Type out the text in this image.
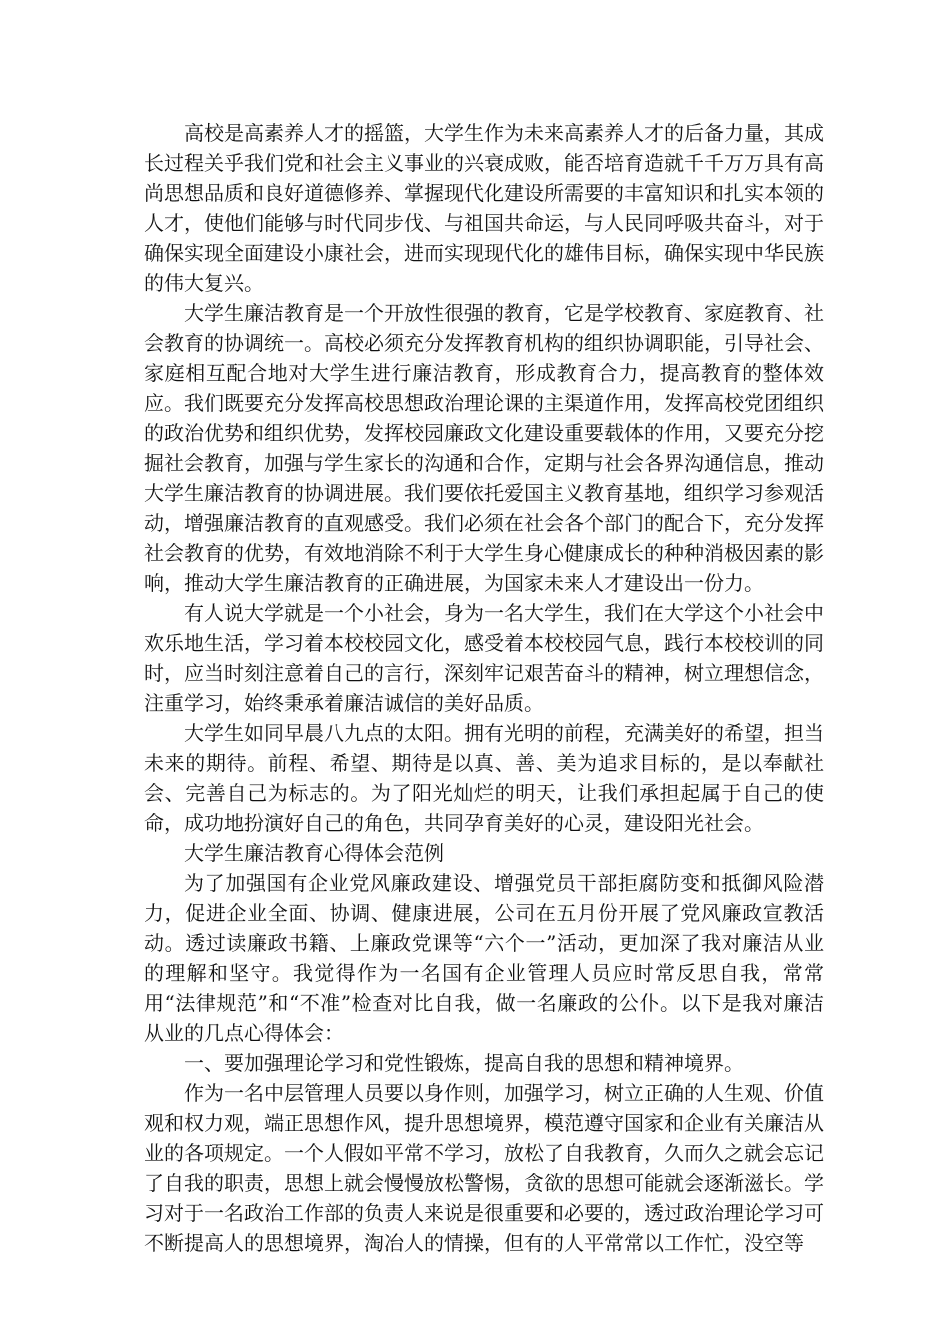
高校是高素养人才的摇篮，大学生作为未来高素养人才的后备力量，其成长过程关乎我们党和社会主义事业的兴衰成败，能否培育造就千千万万具有高尚思想品质和良好道德修养、掌握现代化建设所需要的丰富知识和扎实本领的人才，使他们能够与时代同步伐、与祖国共命运，与人民同呼吸共奋斗，对于确保实现全面建设小康社会，进而实现现代化的雄伟目标，确保实现中华民族的伟大复兴。

大学生廉洁教育是一个开放性很强的教育，它是学校教育、家庭教育、社会教育的协调统一。高校必须充分发挥教育机构的组织协调职能，引导社会、家庭相互配合地对大学生进行廉洁教育，形成教育合力，提高教育的整体效应。我们既要充分发挥高校思想政治理论课的主渠道作用，发挥高校党团组织的政治优势和组织优势，发挥校园廉政文化建设重要载体的作用，又要充分挖掘社会教育，加强与学生家长的沟通和合作，定期与社会各界沟通信息，推动大学生廉洁教育的协调进展。我们要依托爱国主义教育基地，组织学习参观活动，增强廉洁教育的直观感受。我们必须在社会各个部门的配合下，充分发挥社会教育的优势，有效地消除不利于大学生身心健康成长的种种消极因素的影响，推动大学生廉洁教育的正确进展，为国家未来人才建设出一份力。

有人说大学就是一个小社会，身为一名大学生，我们在大学这个小社会中欢乐地生活，学习着本校校园文化，感受着本校校园气息，践行本校校训的同时，应当时刻注意着自己的言行，深刻牢记艰苦奋斗的精神，树立理想信念，注重学习，始终秉承着廉洁诚信的美好品质。

大学生如同早晨八九点的太阳。拥有光明的前程，充满美好的希望，担当未来的期待。前程、希望、期待是以真、善、美为追求目标的，是以奉献社会、完善自己为标志的。为了阳光灿烂的明天，让我们承担起属于自己的使命，成功地扮演好自己的角色，共同孕育美好的心灵，建设阳光社会。

大学生廉洁教育心得体会范例

为了加强国有企业党风廉政建设、增强党员干部拒腐防变和抵御风险潜力，促进企业全面、协调、健康进展，公司在五月份开展了党风廉政宣教活动。透过读廉政书籍、上廉政党课等“六个一”活动，更加深了我对廉洁从业的理解和坚守。我觉得作为一名国有企业管理人员应时常反思自我，常常用“法律规范”和“不准”检查对比自我，做一名廉政的公仆。以下是我对廉洁从业的几点心得体会：

一、要加强理论学习和党性锻炼，提高自我的思想和精神境界。

作为一名中层管理人员要以身作则，加强学习，树立正确的人生观、价值观和权力观，端正思想作风，提升思想境界，模范遵守国家和企业有关廉洁从业的各项规定。一个人假如平常不学习，放松了自我教育，久而久之就会忘记了自我的职责，思想上就会慢慢放松警惕，贪欲的思想可能就会逐渐滋长。学习对于一名政治工作部的负责人来说是很重要和必要的，透过政治理论学习可不断提高人的思想境界，淘冶人的情操，但有的人平常常以工作忙，没空等
